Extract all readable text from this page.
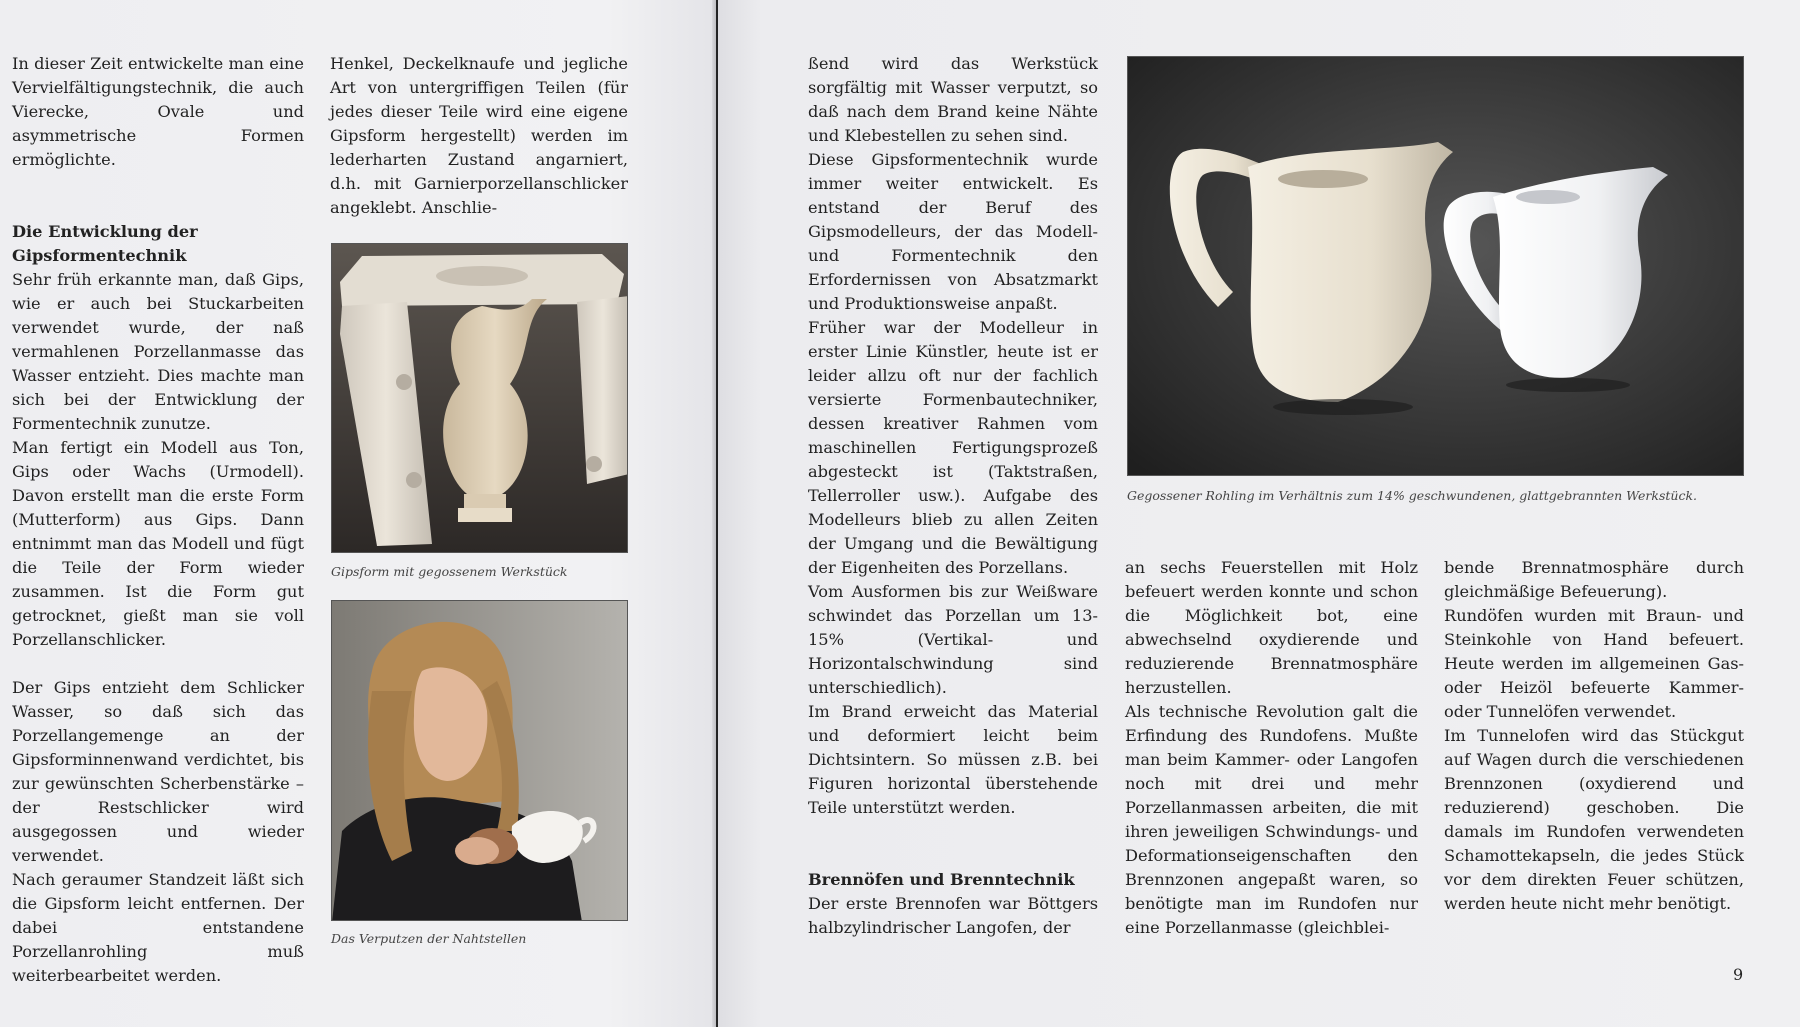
In dieser Zeit entwickelte man eine Vervielfältigungstechnik, die auch Vierecke, Ovale und asymmetrische Formen ermöglichte.

Die Entwicklung der Gipsformentechnik

Sehr früh erkannte man, daß Gips, wie er auch bei Stuckarbeiten verwendet wurde, der naß vermahlenen Porzellanmasse das Wasser entzieht. Dies machte man sich bei der Entwicklung der Formentechnik zunutze.

Man fertigt ein Modell aus Ton, Gips oder Wachs (Urmodell). Davon erstellt man die erste Form (Mutterform) aus Gips. Dann entnimmt man das Modell und fügt die Teile der Form wieder zusammen. Ist die Form gut getrocknet, gießt man sie voll Porzellanschlicker.

Der Gips entzieht dem Schlicker Wasser, so daß sich das Porzellangemenge an der Gipsforminnenwand verdichtet, bis zur gewünschten Scherbenstärke – der Restschlicker wird ausgegossen und wieder verwendet.

Nach geraumer Standzeit läßt sich die Gipsform leicht entfernen. Der dabei entstandene Porzellanrohling muß weiterbearbeitet werden.

Henkel, Deckelknaufe und jegliche Art von untergriffigen Teilen (für jedes dieser Teile wird eine eigene Gipsform hergestellt) werden im lederharten Zustand angarniert, d.h. mit Garnierporzellanschlicker angeklebt. Anschlie-

Gipsform mit gegossenem Werkstück
Das Verputzen der Nahtstellen

ßend wird das Werkstück sorgfältig mit Wasser verputzt, so daß nach dem Brand keine Nähte und Klebestellen zu sehen sind.

Diese Gipsformentechnik wurde immer weiter entwickelt. Es entstand der Beruf des Gipsmodelleurs, der das Modell- und Formentechnik den Erfordernissen von Absatzmarkt und Produktionsweise anpaßt.

Früher war der Modelleur in erster Linie Künstler, heute ist er leider allzu oft nur der fachlich versierte Formenbautechniker, dessen kreativer Rahmen vom maschinellen Fertigungsprozeß abgesteckt ist (Taktstraßen, Tellerroller usw.). Aufgabe des Modelleurs blieb zu allen Zeiten der Umgang und die Bewältigung der Eigenheiten des Porzellans.

Vom Ausformen bis zur Weißware schwindet das Porzellan um 13-15% (Vertikal- und Horizontalschwindung sind unterschiedlich).

Im Brand erweicht das Material und deformiert leicht beim Dichtsintern. So müssen z.B. bei Figuren horizontal überstehende Teile unterstützt werden.

Brennöfen und Brenntechnik

Der erste Brennofen war Böttgers halbzylindrischer Langofen, der

Gegossener Rohling im Verhältnis zum 14% geschwundenen, glattgebrannten Werkstück.

an sechs Feuerstellen mit Holz befeuert werden konnte und schon die Möglichkeit bot, eine abwechselnd oxydierende und reduzierende Brennatmosphäre herzustellen.

Als technische Revolution galt die Erfindung des Rundofens. Mußte man beim Kammer- oder Langofen noch mit drei und mehr Porzellanmassen arbeiten, die mit ihren jeweiligen Schwindungs- und Deformationseigenschaften den Brennzonen angepaßt waren, so benötigte man im Rundofen nur eine Porzellanmasse (gleichblei-

bende Brennatmosphäre durch gleichmäßige Befeuerung).

Rundöfen wurden mit Braun- und Steinkohle von Hand befeuert. Heute werden im allgemeinen Gas- oder Heizöl befeuerte Kammer- oder Tunnelöfen verwendet.

Im Tunnelofen wird das Stückgut auf Wagen durch die verschiedenen Brennzonen (oxydierend und reduzierend) geschoben. Die damals im Rundofen verwendeten Schamottekapseln, die jedes Stück vor dem direkten Feuer schützen, werden heute nicht mehr benötigt.

9
